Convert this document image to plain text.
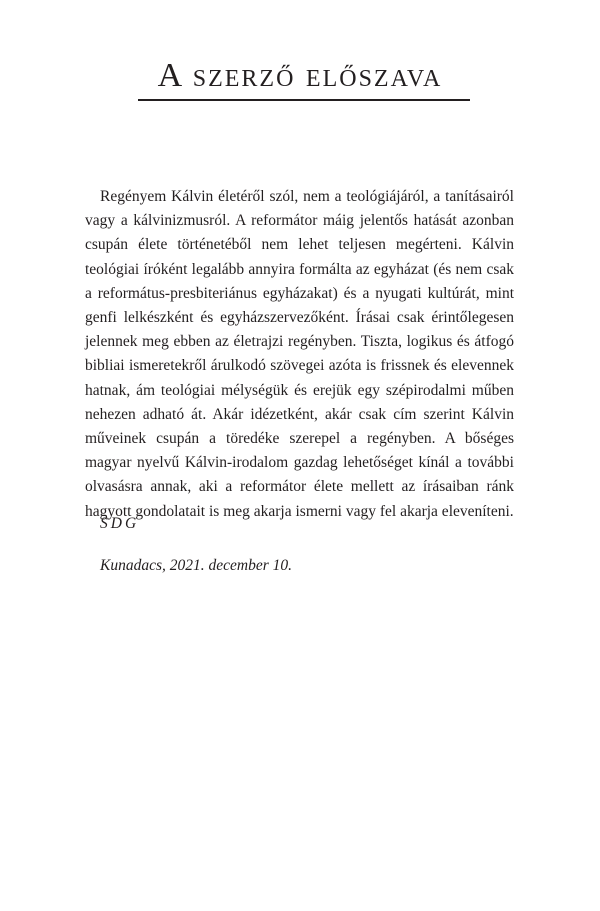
A szerző előszava

Regényem Kálvin életéről szól, nem a teológiájáról, a tanításairól vagy a kálvinizmusról. A reformátor máig jelentős hatását azonban csupán élete történetéből nem lehet teljesen megérteni. Kálvin teológiai íróként legalább annyira formálta az egyházat (és nem csak a református-presbiteriánus egyházakat) és a nyugati kultúrát, mint genfi lelkészként és egyházszervezőként. Írásai csak érintőlegesen jelennek meg ebben az életrajzi regényben. Tiszta, logikus és átfogó bibliai ismeretekről árulkodó szövegei azóta is frissnek és elevennek hatnak, ám teológiai mélységük és erejük egy szépirodalmi műben nehezen adható át. Akár idézetként, akár csak cím szerint Kálvin műveinek csupán a töredéke szerepel a regényben. A bőséges magyar nyelvű Kálvin-irodalom gazdag lehetőséget kínál a további olvasásra annak, aki a reformátor élete mellett az írásaiban ránk hagyott gondolatait is meg akarja ismerni vagy fel akarja eleveníteni.

SDG
Kunadacs, 2021. december 10.
